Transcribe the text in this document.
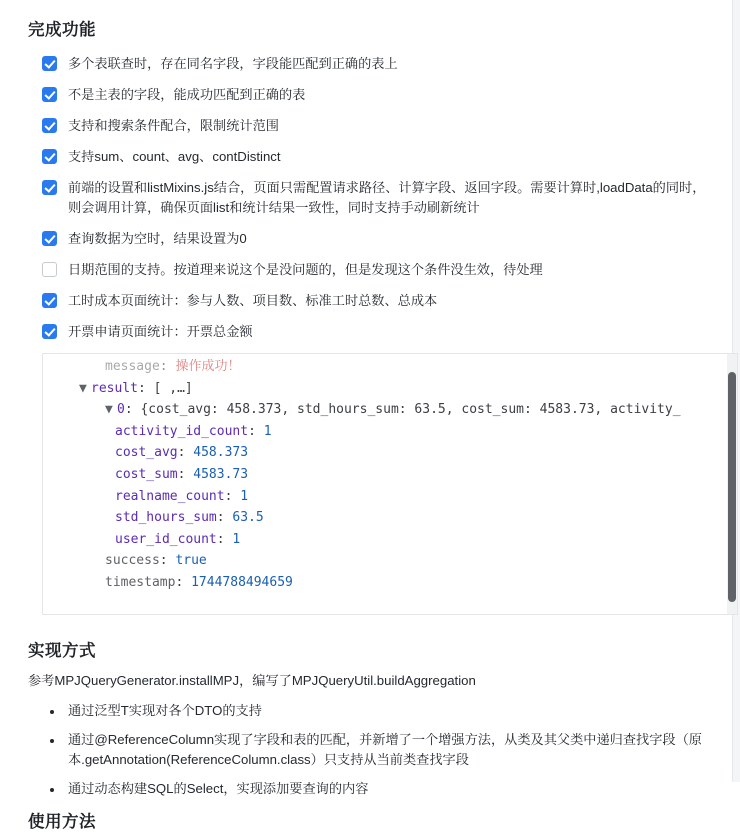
完成功能
多个表联查时，存在同名字段，字段能匹配到正确的表上
不是主表的字段，能成功匹配到正确的表
支持和搜索条件配合，限制统计范围
支持sum、count、avg、contDistinct
前端的设置和listMixins.js结合，页面只需配置请求路径、计算字段、返回字段。需要计算时,loadData的同时，则会调用计算，确保页面list和统计结果一致性，同时支持手动刷新统计
查询数据为空时，结果设置为0
日期范围的支持。按道理来说这个是没问题的，但是发现这个条件没生效，待处理
工时成本页面统计：参与人数、项目数、标准工时总数、总成本
开票申请页面统计：开票总金额
message: 操作成功！
▼ result: [ ,…]
▼ 0: {cost_avg: 458.373, std_hours_sum: 63.5, cost_sum: 4583.73, activity_
activity_id_count: 1
cost_avg: 458.373
cost_sum: 4583.73
realname_count: 1
std_hours_sum: 63.5
user_id_count: 1
success: true
timestamp: 1744788494659
实现方式

参考MPJQueryGenerator.installMPJ，编写了MPJQueryUtil.buildAggregation

• 通过泛型T实现对各个DTO的支持
• 通过@ReferenceColumn实现了字段和表的匹配，并新增了一个增强方法，从类及其父类中递归查找字段（原本.getAnnotation(ReferenceColumn.class）只支持从当前类查找字段
• 通过动态构建SQL的Select，实现添加要查询的内容
使用方法
